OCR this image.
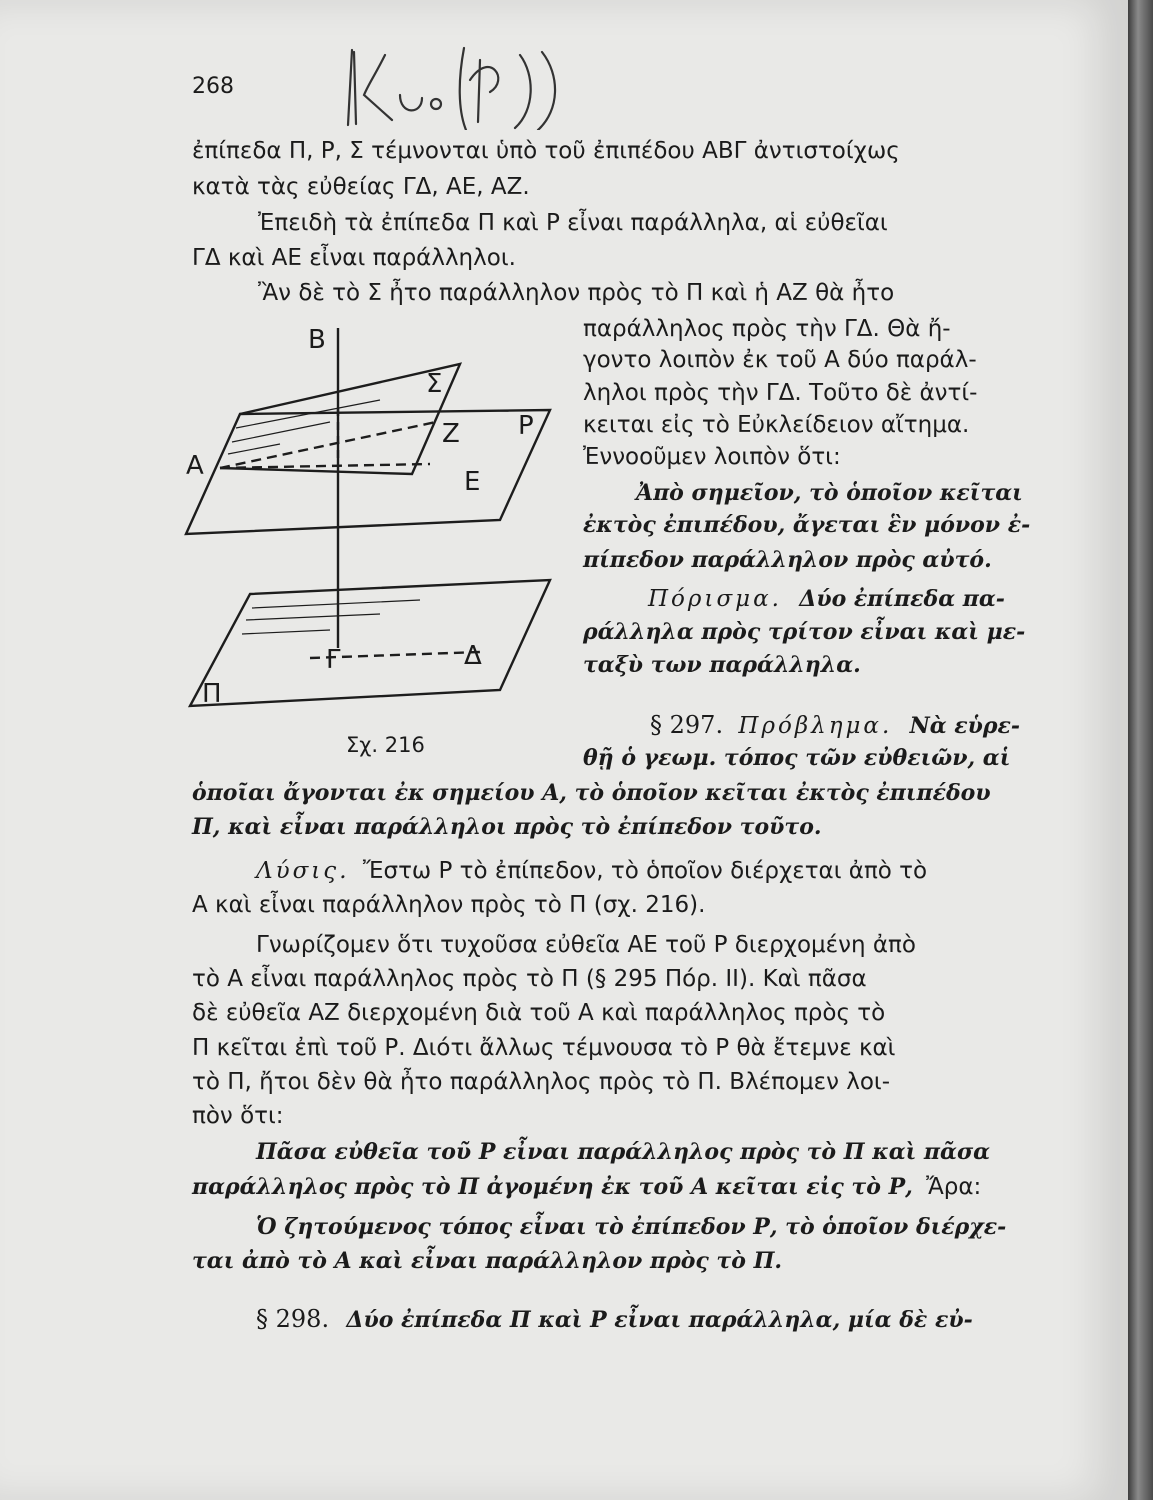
268
Κ.ο.Π)
ἐπίπεδα Π, Ρ, Σ τέμνονται ὑπὸ τοῦ ἐπιπέδου ΑΒΓ ἀντιστοίχως
κατὰ τὰς εὐθείας ΓΔ, ΑΕ, ΑΖ.
Ἐπειδὴ τὰ ἐπίπεδα Π καὶ Ρ εἶναι παράλληλα, αἱ εὐθεῖαι
ΓΔ καὶ ΑΕ εἶναι παράλληλοι.
Ἂν δὲ τὸ Σ ἦτο παράλληλον πρὸς τὸ Π καὶ ἡ ΑΖ θὰ ἦτο
παράλληλος πρὸς τὴν ΓΔ. Θὰ ἤ-
γοντο λοιπὸν ἐκ τοῦ Α δύο παράλ-
ληλοι πρὸς τὴν ΓΔ. Τοῦτο δὲ ἀντί-
κειται εἰς τὸ Εὐκλείδειον αἴτημα.
Ἐννοοῦμεν λοιπὸν ὅτι:
Ἀπὸ σημεῖον, τὸ ὁποῖον κεῖται
ἐκτὸς ἐπιπέδου, ἄγεται ἓν μόνον ἐ-
πίπεδον παράλληλον πρὸς αὐτό.
Πόρισμα. Δύο ἐπίπεδα πα-
ράλληλα πρὸς τρίτον εἶναι καὶ με-
ταξὺ των παράλληλα.
§ 297. Πρόβλημα. Νὰ εὑρε-
θῇ ὁ γεωμ. τόπος τῶν εὐθειῶν, αἱ
ὁποῖαι ἄγονται ἐκ σημείου Α, τὸ ὁποῖον κεῖται ἐκτὸς ἐπιπέδου
Π, καὶ εἶναι παράλληλοι πρὸς τὸ ἐπίπεδον τοῦτο.
Λύσις. Ἔστω Ρ τὸ ἐπίπεδον, τὸ ὁποῖον διέρχεται ἀπὸ τὸ
Α καὶ εἶναι παράλληλον πρὸς τὸ Π (σχ. 216).
Γνωρίζομεν ὅτι τυχοῦσα εὐθεῖα ΑΕ τοῦ Ρ διερχομένη ἀπὸ
τὸ Α εἶναι παράλληλος πρὸς τὸ Π (§ 295 Πόρ. ΙΙ). Καὶ πᾶσα
δὲ εὐθεῖα ΑΖ διερχομένη διὰ τοῦ Α καὶ παράλληλος πρὸς τὸ
Π κεῖται ἐπὶ τοῦ Ρ. Διότι ἄλλως τέμνουσα τὸ Ρ θὰ ἔτεμνε καὶ
τὸ Π, ἤτοι δὲν θὰ ἦτο παράλληλος πρὸς τὸ Π. Βλέπομεν λοι-
πὸν ὅτι:
Πᾶσα εὐθεῖα τοῦ Ρ εἶναι παράλληλος πρὸς τὸ Π καὶ πᾶσα
παράλληλος πρὸς τὸ Π ἀγομένη ἐκ τοῦ Α κεῖται εἰς τὸ Ρ, Ἄρα:
Ὁ ζητούμενος τόπος εἶναι τὸ ἐπίπεδον Ρ, τὸ ὁποῖον διέρχε-
ται ἀπὸ τὸ Α καὶ εἶναι παράλληλον πρὸς τὸ Π.
§ 298. Δύο ἐπίπεδα Π καὶ Ρ εἶναι παράλληλα, μία δὲ εὐ-
Β
Σ
Ζ Ρ
Α
Ε
Γ	Δ
Π
Σχ. 216
